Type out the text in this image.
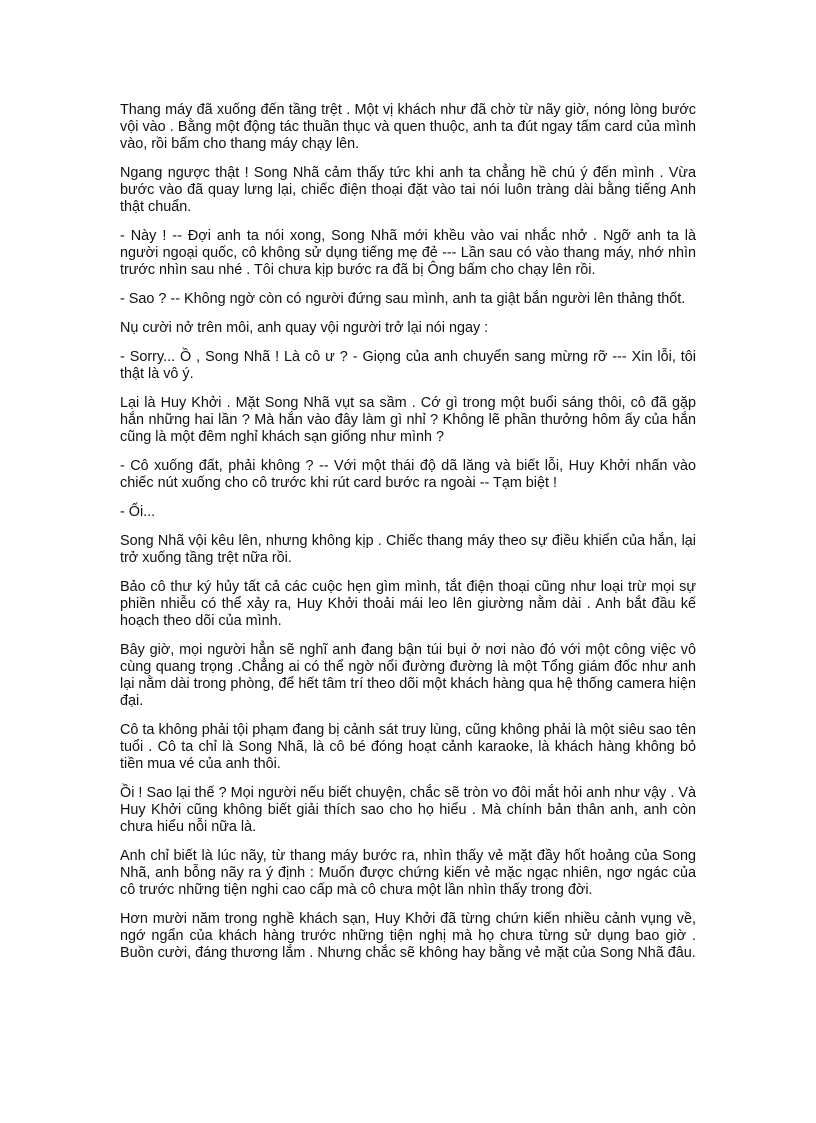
Thang máy đã xuống đến tầng trệt . Một vị khách như đã chờ từ nãy giờ, nóng lòng bước vội vào . Bằng một động tác thuần thục và quen thuộc, anh ta đút ngay tấm card của mình vào, rồi bấm cho thang máy chạy lên.

Ngang ngược thật ! Song Nhã cảm thấy tức khi anh ta chẳng hề chú ý đến mình . Vừa bước vào đã quay lưng lại, chiếc điện thoại đặt vào tai nói luôn tràng dài bằng tiếng Anh thật chuẩn.

- Này ! -- Đợi anh ta nói xong, Song Nhã mới khều vào vai nhắc nhở . Ngỡ anh ta là người ngoại quốc, cô không sử dụng tiếng mẹ đẻ --- Lần sau có vào thang máy, nhớ nhìn trước nhìn sau nhé . Tôi chưa kịp bước ra đã bị Ông bấm cho chạy lên rồi.

- Sao ? -- Không ngờ còn có người đứng sau mình, anh ta giật bắn người lên thảng thốt.

Nụ cười nở trên môi, anh quay vội người trở lại nói ngay :

- Sorry... Ồ , Song Nhã ! Là cô ư ? - Giọng của anh chuyển sang mừng rỡ --- Xin lỗi, tôi thật là vô ý.

Lại là Huy Khởi . Mặt Song Nhã vụt sa sầm . Cớ gì trong một buổi sáng thôi, cô đã gặp hắn những hai lần ? Mà hắn vào đây làm gì nhỉ ? Không lẽ phần thưởng hôm ấy của hắn cũng là một đêm nghỉ khách sạn giống như mình ?

- Cô xuống đất, phải không ? -- Với một thái độ dã lăng và biết lỗi, Huy Khởi nhấn vào chiếc nút xuống cho cô trước khi rút card bước ra ngoài -- Tạm biệt !

- Ối...

Song Nhã vội kêu lên, nhưng không kịp . Chiếc thang máy theo sự điều khiển của hắn, lại trở xuống tầng trệt nữa rồi.

Bảo cô thư ký hủy tất cả các cuộc hẹn gìm mình, tắt điện thoại cũng như loại trừ mọi sự phiền nhiễu có thể xảy ra, Huy Khởi thoải mái leo lên giường nằm dài . Anh bắt đầu kế hoạch theo dõi của mình.

Bây giờ, mọi người hẳn sẽ nghĩ anh đang bận túi bụi ở nơi nào đó với một công việc vô cùng quang trọng .Chẳng ai có thể ngờ nổi đường đường là một Tổng giám đốc như anh lại nằm dài trong phòng, để hết tâm trí theo dõi một khách hàng qua hệ thống camera hiện đại.

Cô ta không phải tội phạm đang bị cảnh sát truy lùng, cũng không phải là một siêu sao tên tuổi . Cô ta chỉ là Song Nhã, là cô bé đóng hoạt cảnh karaoke, là khách hàng không bỏ tiền mua vé của anh thôi.

Ồi ! Sao lại thế ? Mọi người nếu biết chuyện, chắc sẽ tròn vo đôi mắt hỏi anh như vậy . Và Huy Khởi cũng không biết giải thích sao cho họ hiểu . Mà chính bản thân anh, anh còn chưa hiểu nỗi nữa là.

Anh chỉ biết là lúc nãy, từ thang máy bước ra, nhìn thấy vẻ mặt đầy hốt hoảng của Song Nhã, anh bỗng nãy ra ý định : Muốn được chứng kiến vẻ mặc ngạc nhiên, ngơ ngác của cô trước những tiện nghi cao cấp mà cô chưa một lần nhìn thấy trong đời.

Hơn mười năm trong nghề khách sạn, Huy Khởi đã từng chứn kiến nhiều cảnh vụng về, ngớ ngẩn của khách hàng trước những tiện nghị mà họ chưa từng sử dụng bao giờ . Buồn cười, đáng thương lắm . Nhưng chắc sẽ không hay bằng vẻ mặt của Song Nhã đâu.
